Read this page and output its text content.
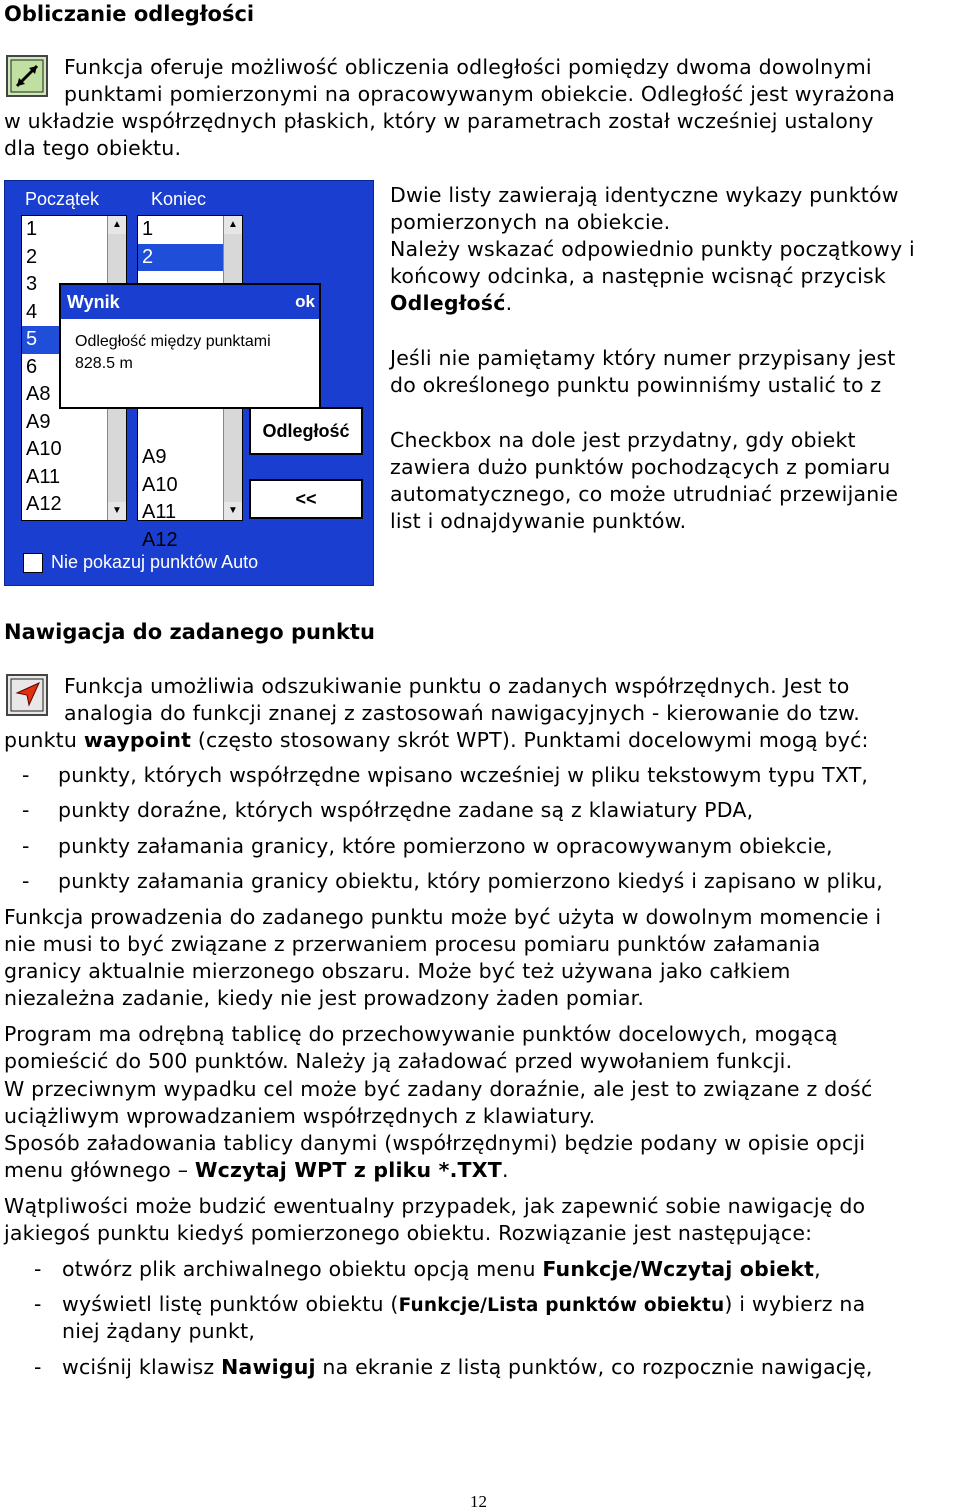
Obliczanie odległości
Funkcja oferuje możliwość obliczenia odległości pomiędzy dwoma dowolnymi
punktami pomierzonymi na opracowywanym obiekcie. Odległość jest wyrażona
w układzie współrzędnych płaskich, który w parametrach został wcześniej ustalony
dla tego obiektu.
Początek	Koniec
1
2
3
4
5
6
A8
A9
A10
A11
A12
▲
▼
1
2
A9
A10
A11
A12
▲
▼
Wynik	ok
Odległość między punktami
828.5 m
Odległość
<<
Nie pokazuj punktów Auto
Dwie listy zawierają identyczne wykazy punktów
pomierzonych na obiekcie.
Należy wskazać odpowiednio punkty początkowy i
końcowy odcinka, a następnie wcisnąć przycisk
Odległość.
Jeśli nie pamiętamy który numer przypisany jest
do określonego punktu powinniśmy ustalić to z
Checkbox na dole jest przydatny, gdy obiekt
zawiera dużo punktów pochodzących z pomiaru
automatycznego, co może utrudniać przewijanie
list i odnajdywanie punktów.
Nawigacja do zadanego punktu
Funkcja umożliwia odszukiwanie punktu o zadanych współrzędnych. Jest to
analogia do funkcji znanej z zastosowań nawigacyjnych - kierowanie do tzw.
punktu waypoint (często stosowany skrót WPT). Punktami docelowymi mogą być:
- punkty, których współrzędne wpisano wcześniej w pliku tekstowym typu TXT,
- punkty doraźne, których współrzędne zadane są z klawiatury PDA,
- punkty załamania granicy, które pomierzono w opracowywanym obiekcie,
- punkty załamania granicy obiektu, który pomierzono kiedyś i zapisano w pliku,
Funkcja prowadzenia do zadanego punktu może być użyta w dowolnym momencie i
nie musi to być związane z przerwaniem procesu pomiaru punktów załamania
granicy aktualnie mierzonego obszaru. Może być też używana jako całkiem
niezależna zadanie, kiedy nie jest prowadzony żaden pomiar.
Program ma odrębną tablicę do przechowywanie punktów docelowych, mogącą
pomieścić do 500 punktów. Należy ją załadować przed wywołaniem funkcji.
W przeciwnym wypadku cel może być zadany doraźnie, ale jest to związane z dość
uciążliwym wprowadzaniem współrzędnych z klawiatury.
Sposób załadowania tablicy danymi (współrzędnymi) będzie podany w opisie opcji
menu głównego – Wczytaj WPT z pliku *.TXT.
Wątpliwości może budzić ewentualny przypadek, jak zapewnić sobie nawigację do
jakiegoś punktu kiedyś pomierzonego obiektu. Rozwiązanie jest następujące:
- otwórz plik archiwalnego obiektu opcją menu Funkcje/Wczytaj obiekt,
- wyświetl listę punktów obiektu (Funkcje/Lista punktów obiektu) i wybierz na
niej żądany punkt,
- wciśnij klawisz Nawiguj na ekranie z listą punktów, co rozpocznie nawigację,
12
